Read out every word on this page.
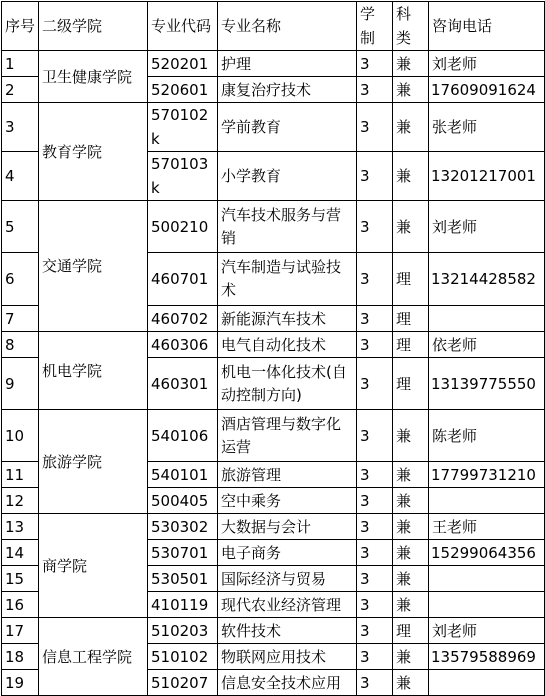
序号	二级学院	专业代码	专业名称	学制	科类	咨询电话
1	卫生健康学院	520201	护理	3	兼	刘老师
2		520601	康复治疗技术	3	兼	17609091624
3	教育学院	570102k	学前教育	3	兼	张老师
4		570103k	小学教育	3	兼	13201217001
5	交通学院	500210	汽车技术服务与营销	3	兼	刘老师
6		460701	汽车制造与试验技术	3	理	13214428582
7		460702	新能源汽车技术	3	理	
8	机电学院	460306	电气自动化技术	3	理	依老师
9		460301	机电一体化技术(自动控制方向)	3	理	13139775550
10	旅游学院	540106	酒店管理与数字化运营	3	兼	陈老师
11		540101	旅游管理	3	兼	17799731210
12		500405	空中乘务	3	兼	
13	商学院	530302	大数据与会计	3	兼	王老师
14		530701	电子商务	3	兼	15299064356
15		530501	国际经济与贸易	3	兼	
16		410119	现代农业经济管理	3	兼	
17	信息工程学院	510203	软件技术	3	理	刘老师
18		510102	物联网应用技术	3	兼	13579588969
19		510207	信息安全技术应用	3	兼	
